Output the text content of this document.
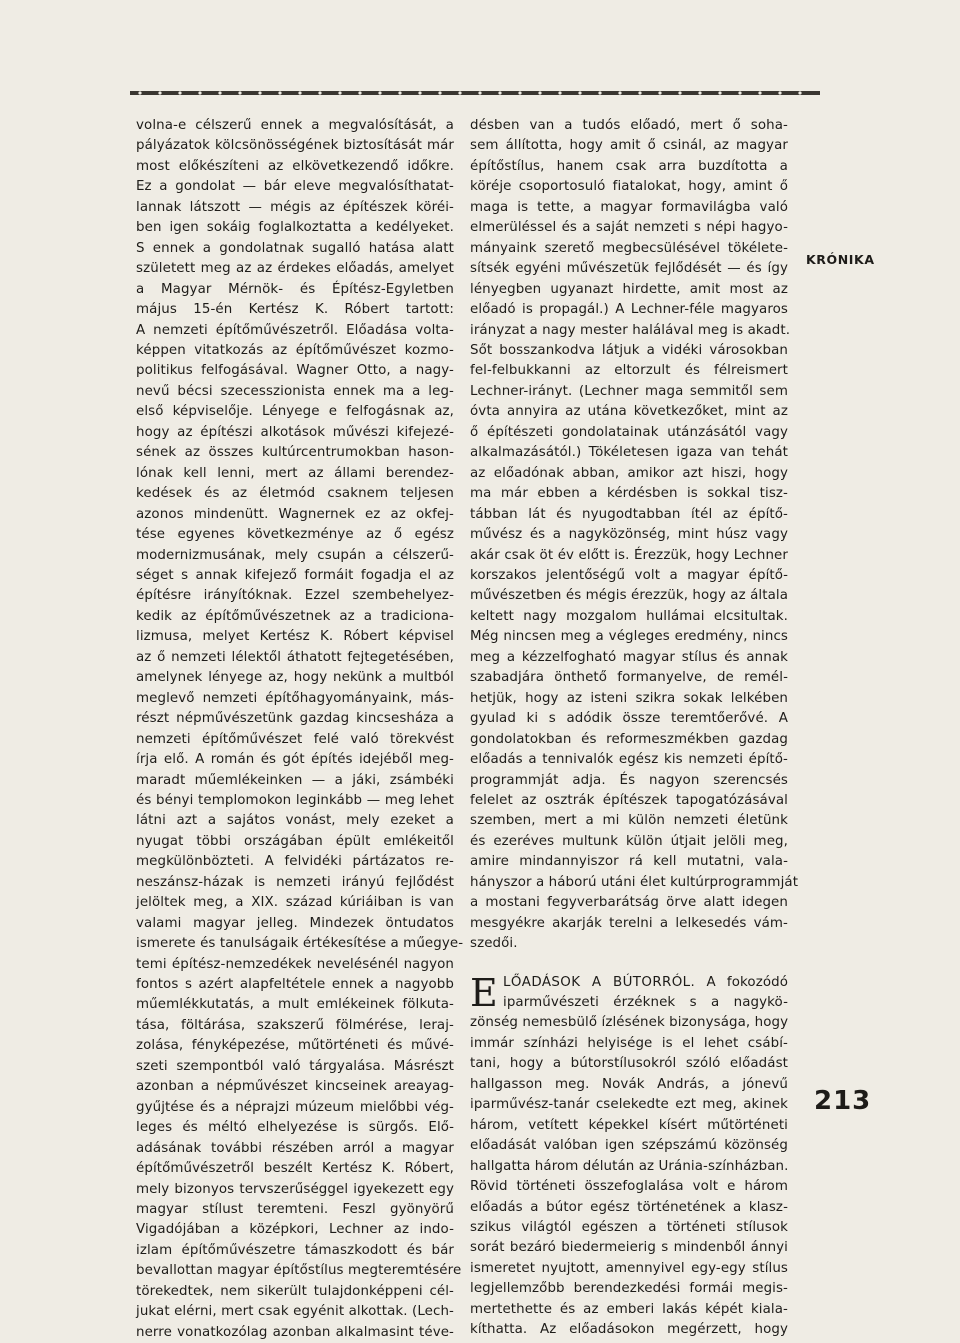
volna-e célszerű ennek a megvalósítását, a
pályázatok kölcsönösségének biztosítását már
most előkészíteni az elkövetkezendő időkre.
Ez a gondolat — bár eleve megvalósíthatat-
lannak látszott — mégis az építészek köréi-
ben igen sokáig foglalkoztatta a kedélyeket.
S ennek a gondolatnak sugalló hatása alatt
született meg az az érdekes előadás, amelyet
a Magyar Mérnök- és Építész-Egyletben
május 15-én Kertész K. Róbert tartott:
A nemzeti építőművészetről. Előadása volta-
képpen vitatkozás az építőművészet kozmo-
politikus felfogásával. Wagner Otto, a nagy-
nevű bécsi szecesszionista ennek ma a leg-
első képviselője. Lényege e felfogásnak az,
hogy az építészi alkotások művészi kifejezé-
sének az összes kultúrcentrumokban hason-
lónak kell lenni, mert az állami berendez-
kedések és az életmód csaknem teljesen
azonos mindenütt. Wagnernek ez az okfej-
tése egyenes következménye az ő egész
modernizmusának, mely csupán a célszerű-
séget s annak kifejező formáit fogadja el az
építésre irányítóknak. Ezzel szembehelyez-
kedik az építőművészetnek az a tradiciona-
lizmusa, melyet Kertész K. Róbert képvisel
az ő nemzeti lélektől áthatott fejtegetésében,
amelynek lényege az, hogy nekünk a multból
meglevő nemzeti építőhagyományaink, más-
részt népművészetünk gazdag kincsesháza a
nemzeti építőművészet felé való törekvést
írja elő. A román és gót építés idejéből meg-
maradt műemlékeinken — a jáki, zsámbéki
és bényi templomokon leginkább — meg lehet
látni azt a sajátos vonást, mely ezeket a
nyugat többi országában épült emlékeitől
megkülönbözteti. A felvidéki pártázatos re-
neszánsz-házak is nemzeti irányú fejlődést
jelöltek meg, a XIX. század kúriáiban is van
valami magyar jelleg. Mindezek öntudatos
ismerete és tanulságaik értékesítése a műegye-
temi építész-nemzedékek nevelésénél nagyon
fontos s azért alapfeltétele ennek a nagyobb
műemlékkutatás, a mult emlékeinek fölkuta-
tása, föltárása, szakszerű fölmérése, leraj-
zolása, fényképezése, műtörténeti és művé-
szeti szempontból való tárgyalása. Másrészt
azonban a népművészet kincseinek areayag-
gyűjtése és a néprajzi múzeum mielőbbi vég-
leges és méltó elhelyezése is sürgős. Elő-
adásának további részében arról a magyar
építőművészetről beszélt Kertész K. Róbert,
mely bizonyos tervszerűséggel igyekezett egy
magyar stílust teremteni. Feszl gyönyörű
Vigadójában a középkori, Lechner az indo-
izlam építőművészetre támaszkodott és bár
bevallottan magyar építőstílus megteremtésére
törekedtek, nem sikerült tulajdonképpeni cél-
jukat elérni, mert csak egyénit alkottak. (Lech-
nerre vonatkozólag azonban alkalmasint téve-
désben van a tudós előadó, mert ő soha-
sem állította, hogy amit ő csinál, az magyar
építőstílus, hanem csak arra buzdította a
köréje csoportosuló fiatalokat, hogy, amint ő
maga is tette, a magyar formavilágba való
elmerüléssel és a saját nemzeti s népi hagyo-
mányaink szerető megbecsülésével tökélete-
sítsék egyéni művészetük fejlődését — és így
lényegben ugyanazt hirdette, amit most az
előadó is propagál.) A Lechner-féle magyaros
irányzat a nagy mester halálával meg is akadt.
Sőt bosszankodva látjuk a vidéki városokban
fel-felbukkanni az eltorzult és félreismert
Lechner-irányt. (Lechner maga semmitől sem
óvta annyira az utána következőket, mint az
ő építészeti gondolatainak utánzásától vagy
alkalmazásától.) Tökéletesen igaza van tehát
az előadónak abban, amikor azt hiszi, hogy
ma már ebben a kérdésben is sokkal tisz-
tábban lát és nyugodtabban ítél az építő-
művész és a nagyközönség, mint húsz vagy
akár csak öt év előtt is. Érezzük, hogy Lechner
korszakos jelentőségű volt a magyar építő-
művészetben és mégis érezzük, hogy az általa
keltett nagy mozgalom hullámai elcsitultak.
Még nincsen meg a végleges eredmény, nincs
meg a kézzelfogható magyar stílus és annak
szabadjára önthető formanyelve, de remél-
hetjük, hogy az isteni szikra sokak lelkében
gyulad ki s adódik össze teremtőerővé. A
gondolatokban és reformeszmékben gazdag
előadás a tennivalók egész kis nemzeti építő-
programmját adja. És nagyon szerencsés
felelet az osztrák építészek tapogatózásával
szemben, mert a mi külön nemzeti életünk
és ezeréves multunk külön útjait jelöli meg,
amire mindannyiszor rá kell mutatni, vala-
hányszor a háború utáni élet kultúrprogrammját
a mostani fegyverbarátság örve alatt idegen
mesgyékre akarják terelni a lelkesedés vám-
szedői.
E LŐADÁSOK A BÚTORRÓL. A fokozódó
iparművészeti érzéknek s a nagykö-
zönség nemesbülő ízlésének bizonysága, hogy
immár színházi helyisége is el lehet csábí-
tani, hogy a bútorstílusokról szóló előadást
hallgasson meg. Novák András, a jónevű
iparművész-tanár cselekedte ezt meg, akinek
három, vetített képekkel kísért műtörténeti
előadását valóban igen szépszámú közönség
hallgatta három délután az Uránia-színházban.
Rövid történeti összefoglalása volt e három
előadás a bútor egész történetének a klasz-
szikus világtól egészen a történeti stílusok
sorát bezáró biedermeierig s mindenből ánnyi
ismeretet nyujtott, amennyivel egy-egy stílus
legjellemzőbb berendezkedési formái megis-
mertethette és az emberi lakás képét kiala-
kíthatta. Az előadásokon megérzett, hogy
KRÓNIKA
213
